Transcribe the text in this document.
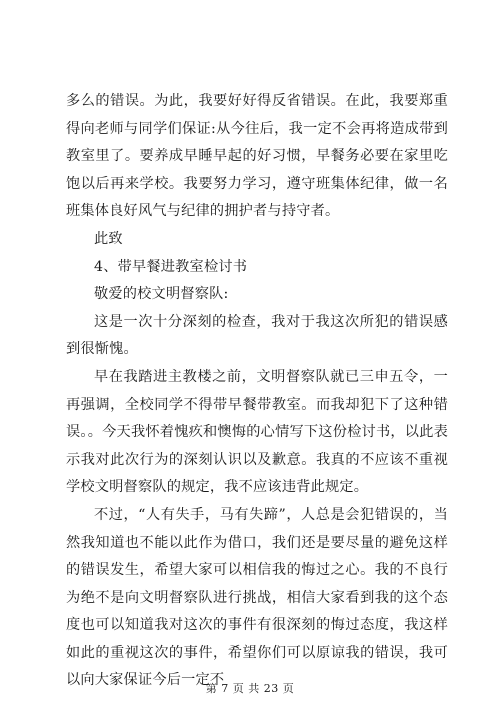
多么的错误。为此，我要好好得反省错误。在此，我要郑重得向老师与同学们保证:从今往后，我一定不会再将造成带到教室里了。要养成早睡早起的好习惯，早餐务必要在家里吃饱以后再来学校。我要努力学习，遵守班集体纪律，做一名班集体良好风气与纪律的拥护者与持守者。

此致

4、带早餐进教室检讨书

敬爱的校文明督察队:

这是一次十分深刻的检查，我对于我这次所犯的错误感到很惭愧。

早在我踏进主教楼之前，文明督察队就已三申五令，一再强调，全校同学不得带早餐带教室。而我却犯下了这种错误。。今天我怀着愧疚和懊悔的心情写下这份检讨书，以此表示我对此次行为的深刻认识以及歉意。我真的不应该不重视学校文明督察队的规定，我不应该违背此规定。

不过，“人有失手，马有失蹄”，人总是会犯错误的，当然我知道也不能以此作为借口，我们还是要尽量的避免这样的错误发生，希望大家可以相信我的悔过之心。我的不良行为绝不是向文明督察队进行挑战，相信大家看到我的这个态度也可以知道我对这次的事件有很深刻的悔过态度，我这样如此的重视这次的事件，希望你们可以原谅我的错误，我可以向大家保证今后一定不

第 7 页 共 23 页
